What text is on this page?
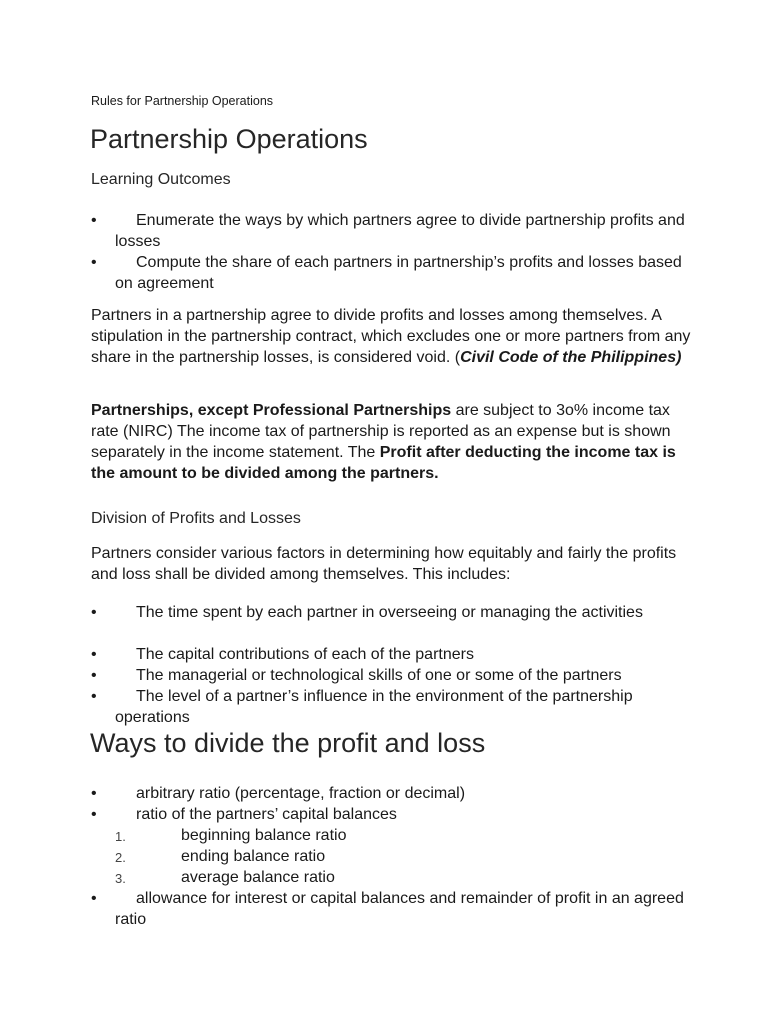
Rules for Partnership Operations
Partnership Operations
Learning Outcomes
•	Enumerate the ways by which partners agree to divide partnership profits and losses
•	Compute the share of each partners in partnership’s profits and losses based on agreement
Partners in a partnership agree to divide profits and losses among themselves. A stipulation in the partnership contract, which excludes one or more partners from any share in the partnership losses, is considered void. (Civil Code of the Philippines)
Partnerships, except Professional Partnerships are subject to 3o% income tax rate (NIRC) The income tax of partnership is reported as an expense but is shown separately in the income statement. The Profit after deducting the income tax is the amount to be divided among the partners.
Division of Profits and Losses
Partners consider various factors in determining how equitably and fairly the profits and loss shall be divided among themselves. This includes:
•	The time spent by each partner in overseeing or managing the activities
•	The capital contributions of each of the partners
•	The managerial or technological skills of one or some of the partners
•	The level of a partner’s influence in the environment of the partnership operations
Ways to divide the profit and loss
•	arbitrary ratio (percentage, fraction or decimal)
•	ratio of the partners’ capital balances
1.	beginning balance ratio
2.	ending balance ratio
3.	average balance ratio
•	allowance for interest or capital balances and remainder of profit in an agreed ratio
